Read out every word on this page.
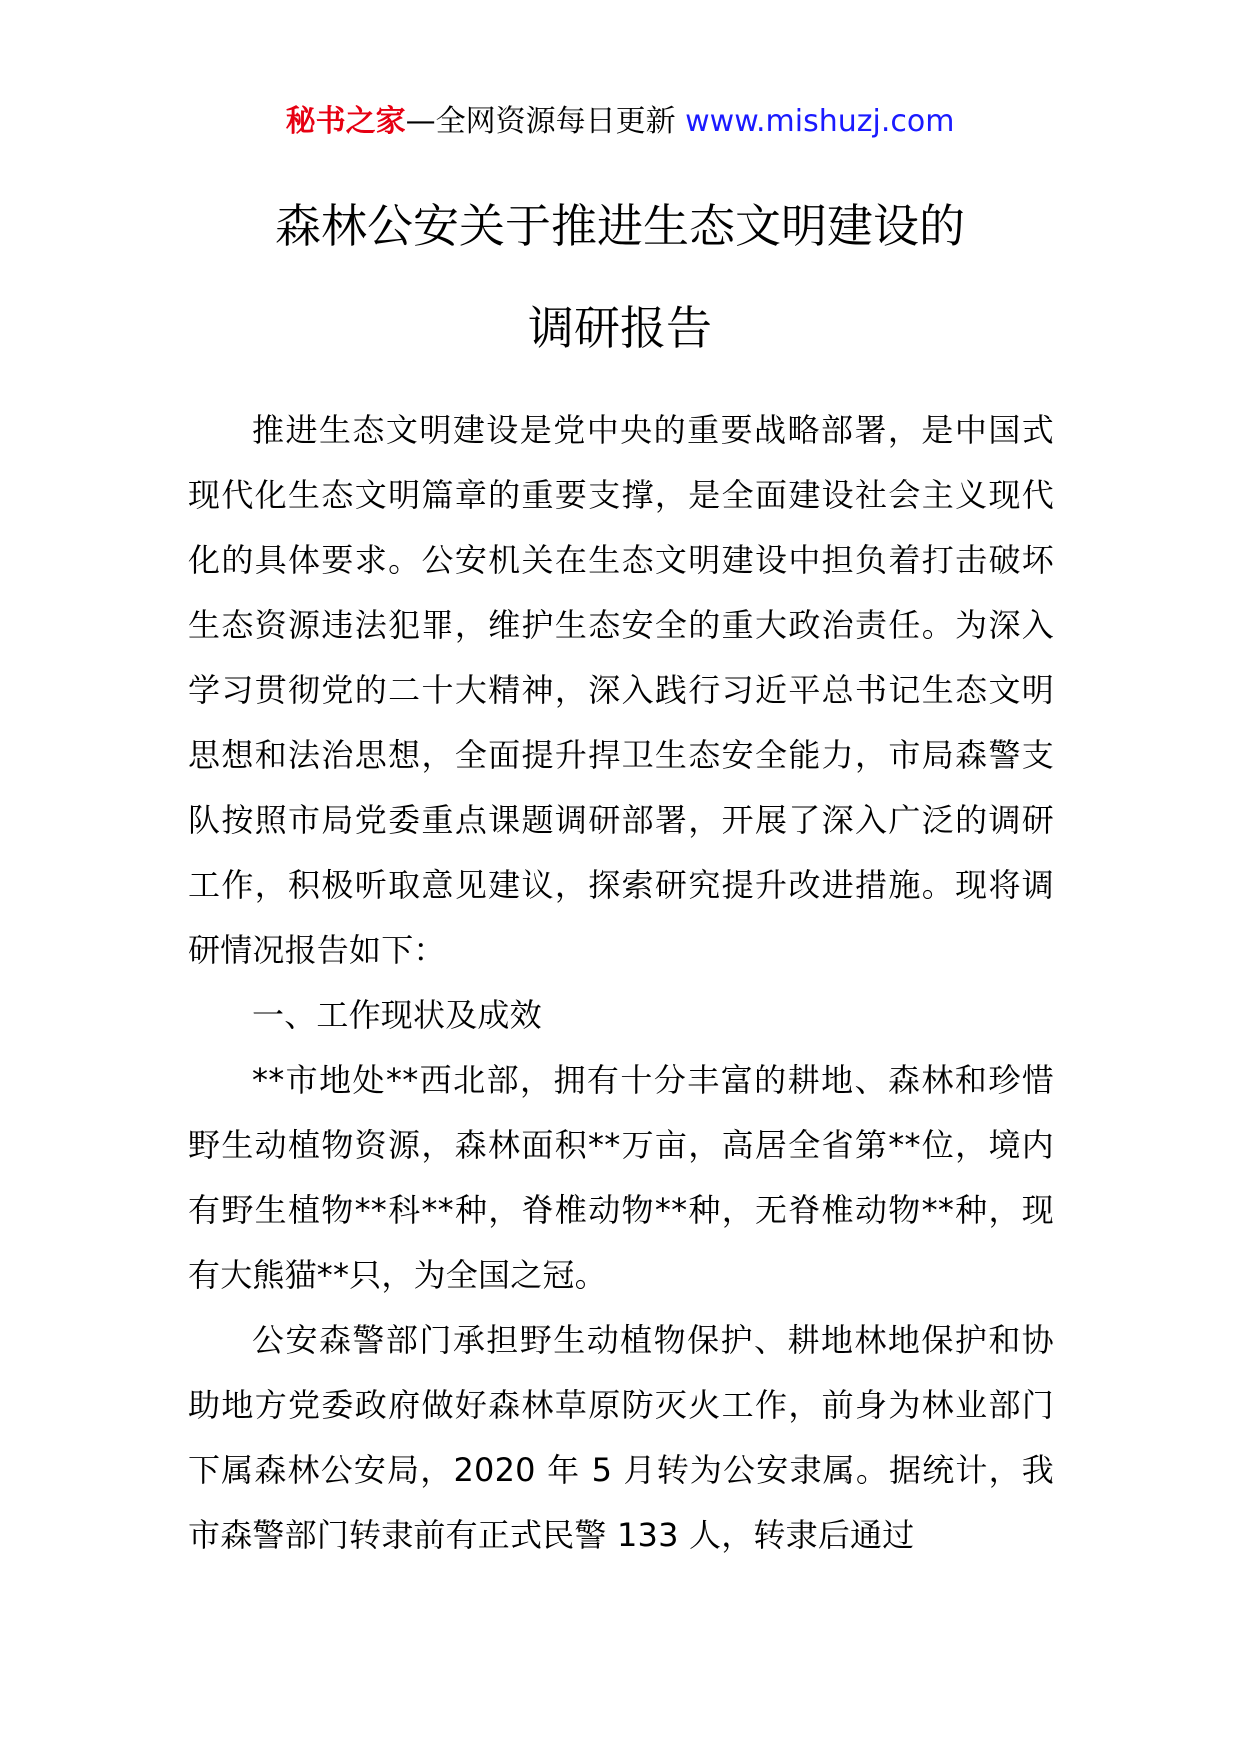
秘书之家—全网资源每日更新 www.mishuzj.com
森林公安关于推进生态文明建设的
调研报告

推进生态文明建设是党中央的重要战略部署，是中国式现代化生态文明篇章的重要支撑，是全面建设社会主义现代化的具体要求。公安机关在生态文明建设中担负着打击破坏生态资源违法犯罪，维护生态安全的重大政治责任。为深入学习贯彻党的二十大精神，深入践行习近平总书记生态文明思想和法治思想，全面提升捍卫生态安全能力，市局森警支队按照市局党委重点课题调研部署，开展了深入广泛的调研工作，积极听取意见建议，探索研究提升改进措施。现将调研情况报告如下：

一、工作现状及成效

**市地处**西北部，拥有十分丰富的耕地、森林和珍惜野生动植物资源，森林面积**万亩，高居全省第**位，境内有野生植物**科**种，脊椎动物**种，无脊椎动物**种，现有大熊猫**只，为全国之冠。

公安森警部门承担野生动植物保护、耕地林地保护和协助地方党委政府做好森林草原防灭火工作，前身为林业部门下属森林公安局，2020 年 5 月转为公安隶属。据统计，我市森警部门转隶前有正式民警 133 人，转隶后通过
